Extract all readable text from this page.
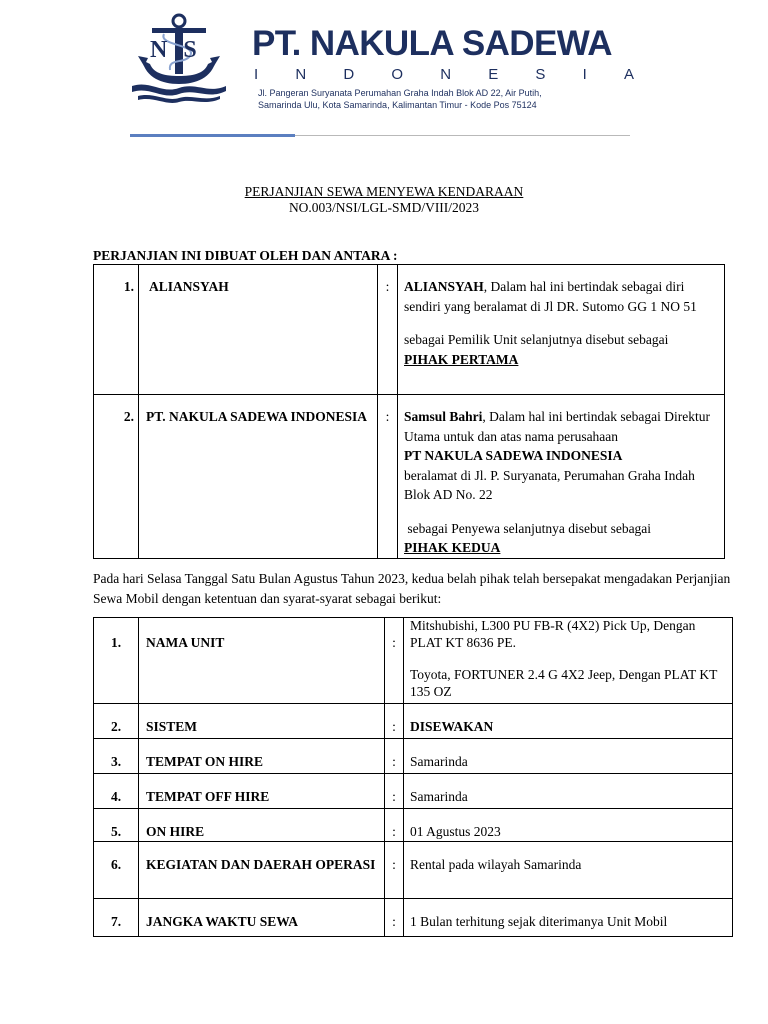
NS PT. NAKULA SADEWA
I N D O N E S I A
Jl. Pangeran Suryanata Perumahan Graha Indah Blok AD 22, Air Putih,
Samarinda Ulu, Kota Samarinda, Kalimantan Timur - Kode Pos 75124
PERJANJIAN SEWA MENYEWA KENDARAAN
NO.003/NSI/LGL-SMD/VIII/2023
PERJANJIAN INI DIBUAT OLEH DAN ANTARA :
1.	ALIANSYAH	:	ALIANSYAH, Dalam hal ini bertindak sebagai diri sendiri yang beralamat di Jl DR. Sutomo GG 1 NO 51
sebagai Pemilik Unit selanjutnya disebut sebagai
PIHAK PERTAMA
2.	PT. NAKULA SADEWA INDONESIA	:	Samsul Bahri, Dalam hal ini bertindak sebagai Direktur Utama untuk dan atas nama perusahaan
PT NAKULA SADEWA INDONESIA
beralamat di Jl. P. Suryanata, Perumahan Graha Indah Blok AD No. 22
sebagai Penyewa selanjutnya disebut sebagai
PIHAK KEDUA
Pada hari Selasa Tanggal Satu Bulan Agustus Tahun 2023, kedua belah pihak telah bersepakat mengadakan Perjanjian Sewa Mobil dengan ketentuan dan syarat-syarat sebagai berikut:
1.	NAMA UNIT	:	Mitshubishi, L300 PU FB-R (4X2) Pick Up, Dengan PLAT KT 8636 PE.
Toyota, FORTUNER 2.4 G 4X2 Jeep, Dengan PLAT KT 135 OZ

2.	SISTEM	:	DISEWAKAN
3.	TEMPAT ON HIRE	:	Samarinda
4.	TEMPAT OFF HIRE	:	Samarinda
5.	ON HIRE	:	01 Agustus 2023
6.	KEGIATAN DAN DAERAH OPERASI	:	Rental pada wilayah Samarinda
7.	JANGKA WAKTU SEWA	:	1 Bulan terhitung sejak diterimanya Unit Mobil
